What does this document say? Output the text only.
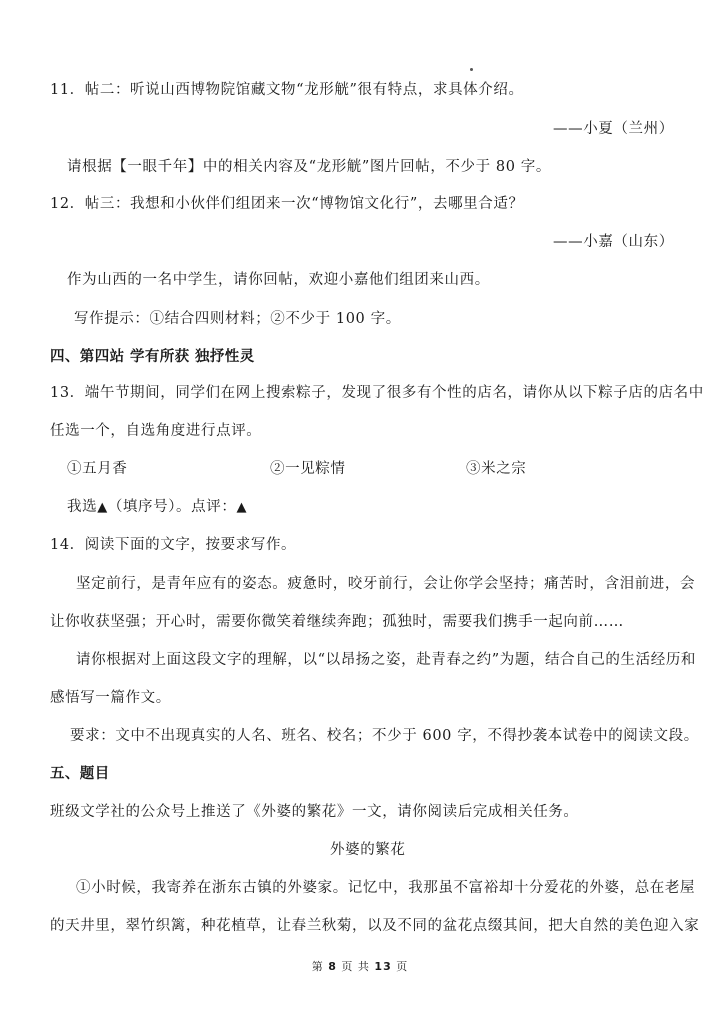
11．帖二：听说山西博物院馆藏文物“龙形觥”很有特点，求具体介绍。
——小夏（兰州）
请根据【一眼千年】中的相关内容及“龙形觥”图片回帖，不少于 80 字。
12．帖三：我想和小伙伴们组团来一次“博物馆文化行”，去哪里合适？
——小嘉（山东）
作为山西的一名中学生，请你回帖，欢迎小嘉他们组团来山西。
写作提示：①结合四则材料；②不少于 100 字。
四、第四站 学有所获 独抒性灵
13．端午节期间，同学们在网上搜索粽子，发现了很多有个性的店名，请你从以下粽子店的店名中
任选一个，自选角度进行点评。
①五月香	②一见粽情	③米之宗
我选▲（填序号）。点评：▲
14．阅读下面的文字，按要求写作。
坚定前行，是青年应有的姿态。疲惫时，咬牙前行，会让你学会坚持；痛苦时，含泪前进，会
让你收获坚强；开心时，需要你微笑着继续奔跑；孤独时，需要我们携手一起向前……
请你根据对上面这段文字的理解，以“以昂扬之姿，赴青春之约”为题，结合自己的生活经历和
感悟写一篇作文。
要求：文中不出现真实的人名、班名、校名；不少于 600 字，不得抄袭本试卷中的阅读文段。
五、题目
班级文学社的公众号上推送了《外婆的繁花》一文，请你阅读后完成相关任务。
外婆的繁花
①小时候，我寄养在浙东古镇的外婆家。记忆中，我那虽不富裕却十分爱花的外婆，总在老屋
的天井里，翠竹织篱，种花植草，让春兰秋菊，以及不同的盆花点缀其间，把大自然的美色迎入家
第 8 页 共 13 页
